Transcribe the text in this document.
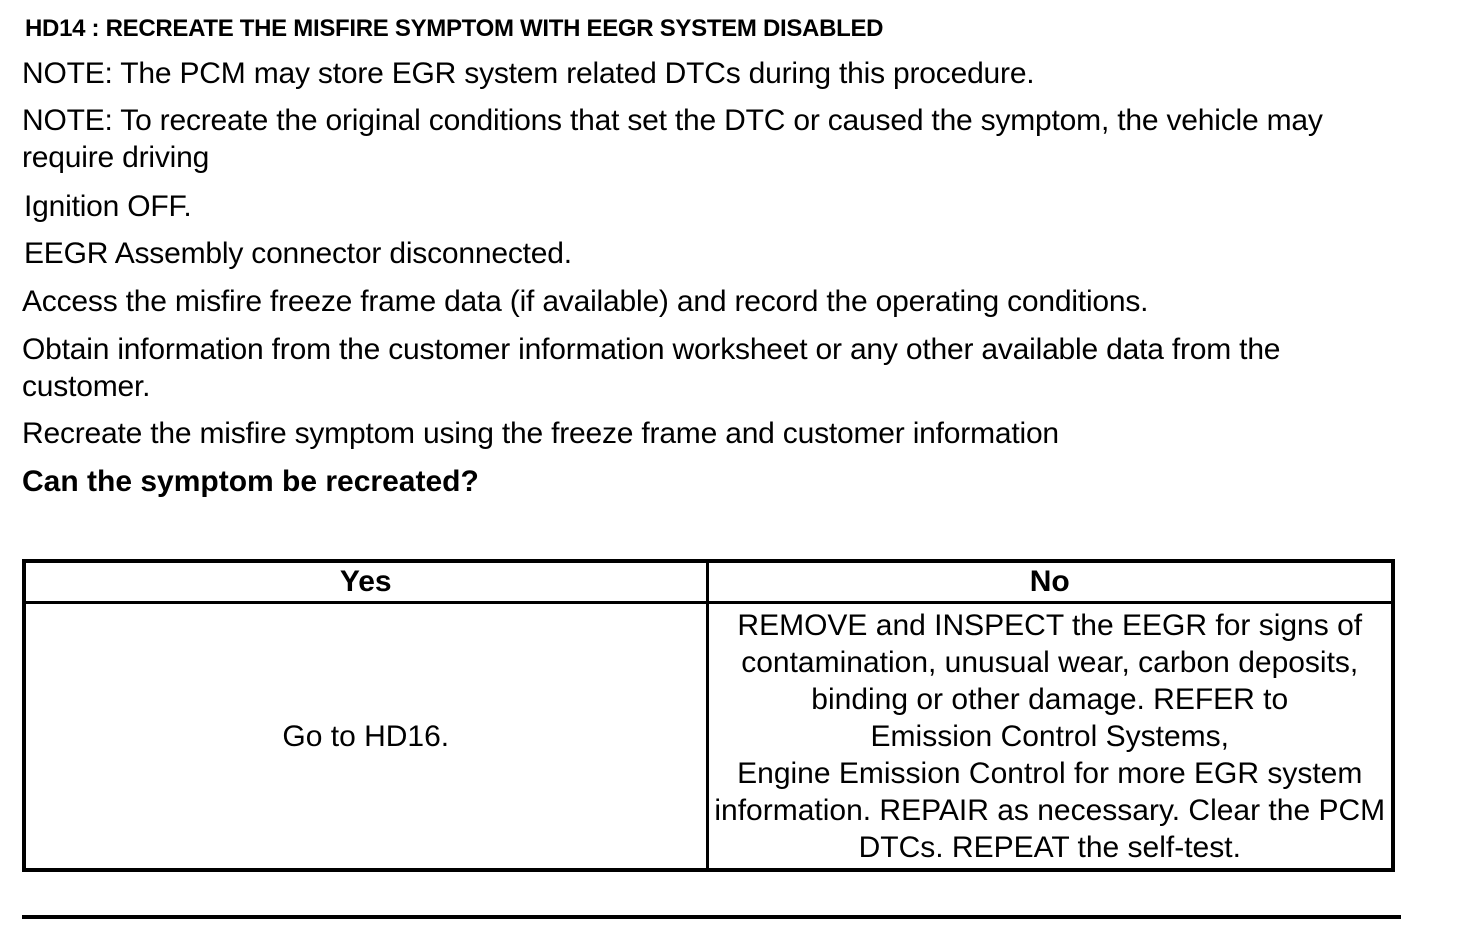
HD14 : RECREATE THE MISFIRE SYMPTOM WITH EEGR SYSTEM DISABLED
NOTE: The PCM may store EGR system related DTCs during this procedure.
NOTE: To recreate the original conditions that set the DTC or caused the symptom, the vehicle may require driving
Ignition OFF.
EEGR Assembly connector disconnected.
Access the misfire freeze frame data (if available) and record the operating conditions.
Obtain information from the customer information worksheet or any other available data from the customer.
Recreate the misfire symptom using the freeze frame and customer information
Can the symptom be recreated?
Yes	No
Go to HD16.	REMOVE and INSPECT the EEGR for signs of contamination, unusual wear, carbon deposits, binding or other damage. REFER to
Emission Control Systems,
Engine Emission Control for more EGR system information. REPAIR as necessary. Clear the PCM DTCs. REPEAT the self-test.
